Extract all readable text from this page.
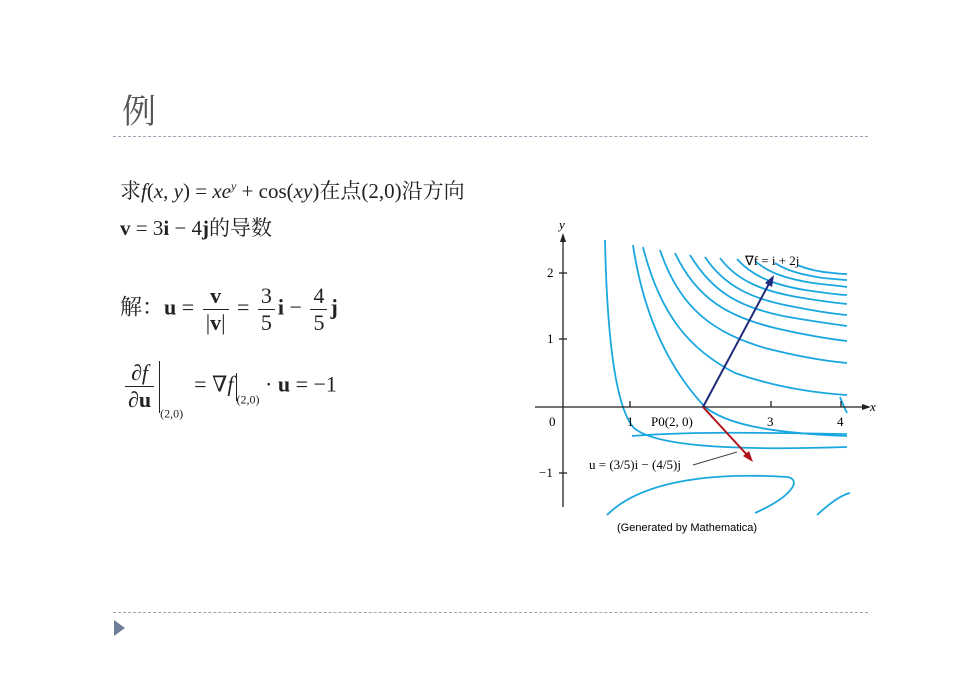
例
求f(x, $y) = xe^y + \cos(xy)$在点(2,0)沿方向
v = 3i − 4j的导数
解：$u = \frac{v}{|v|} = \frac{3}{5}$ $i - \frac{4}{5}$ j
$\frac{\partial f}{\partial u}$
$_{(2,0)} = \nabla f_{(2,0)} \cdot u = -1$
y
x
2
1
−1
0	1	3	4
∇f = i + 2j
P0(2, 0)
u = (3/5)i − (4/5)j
(Generated by Mathematica)
